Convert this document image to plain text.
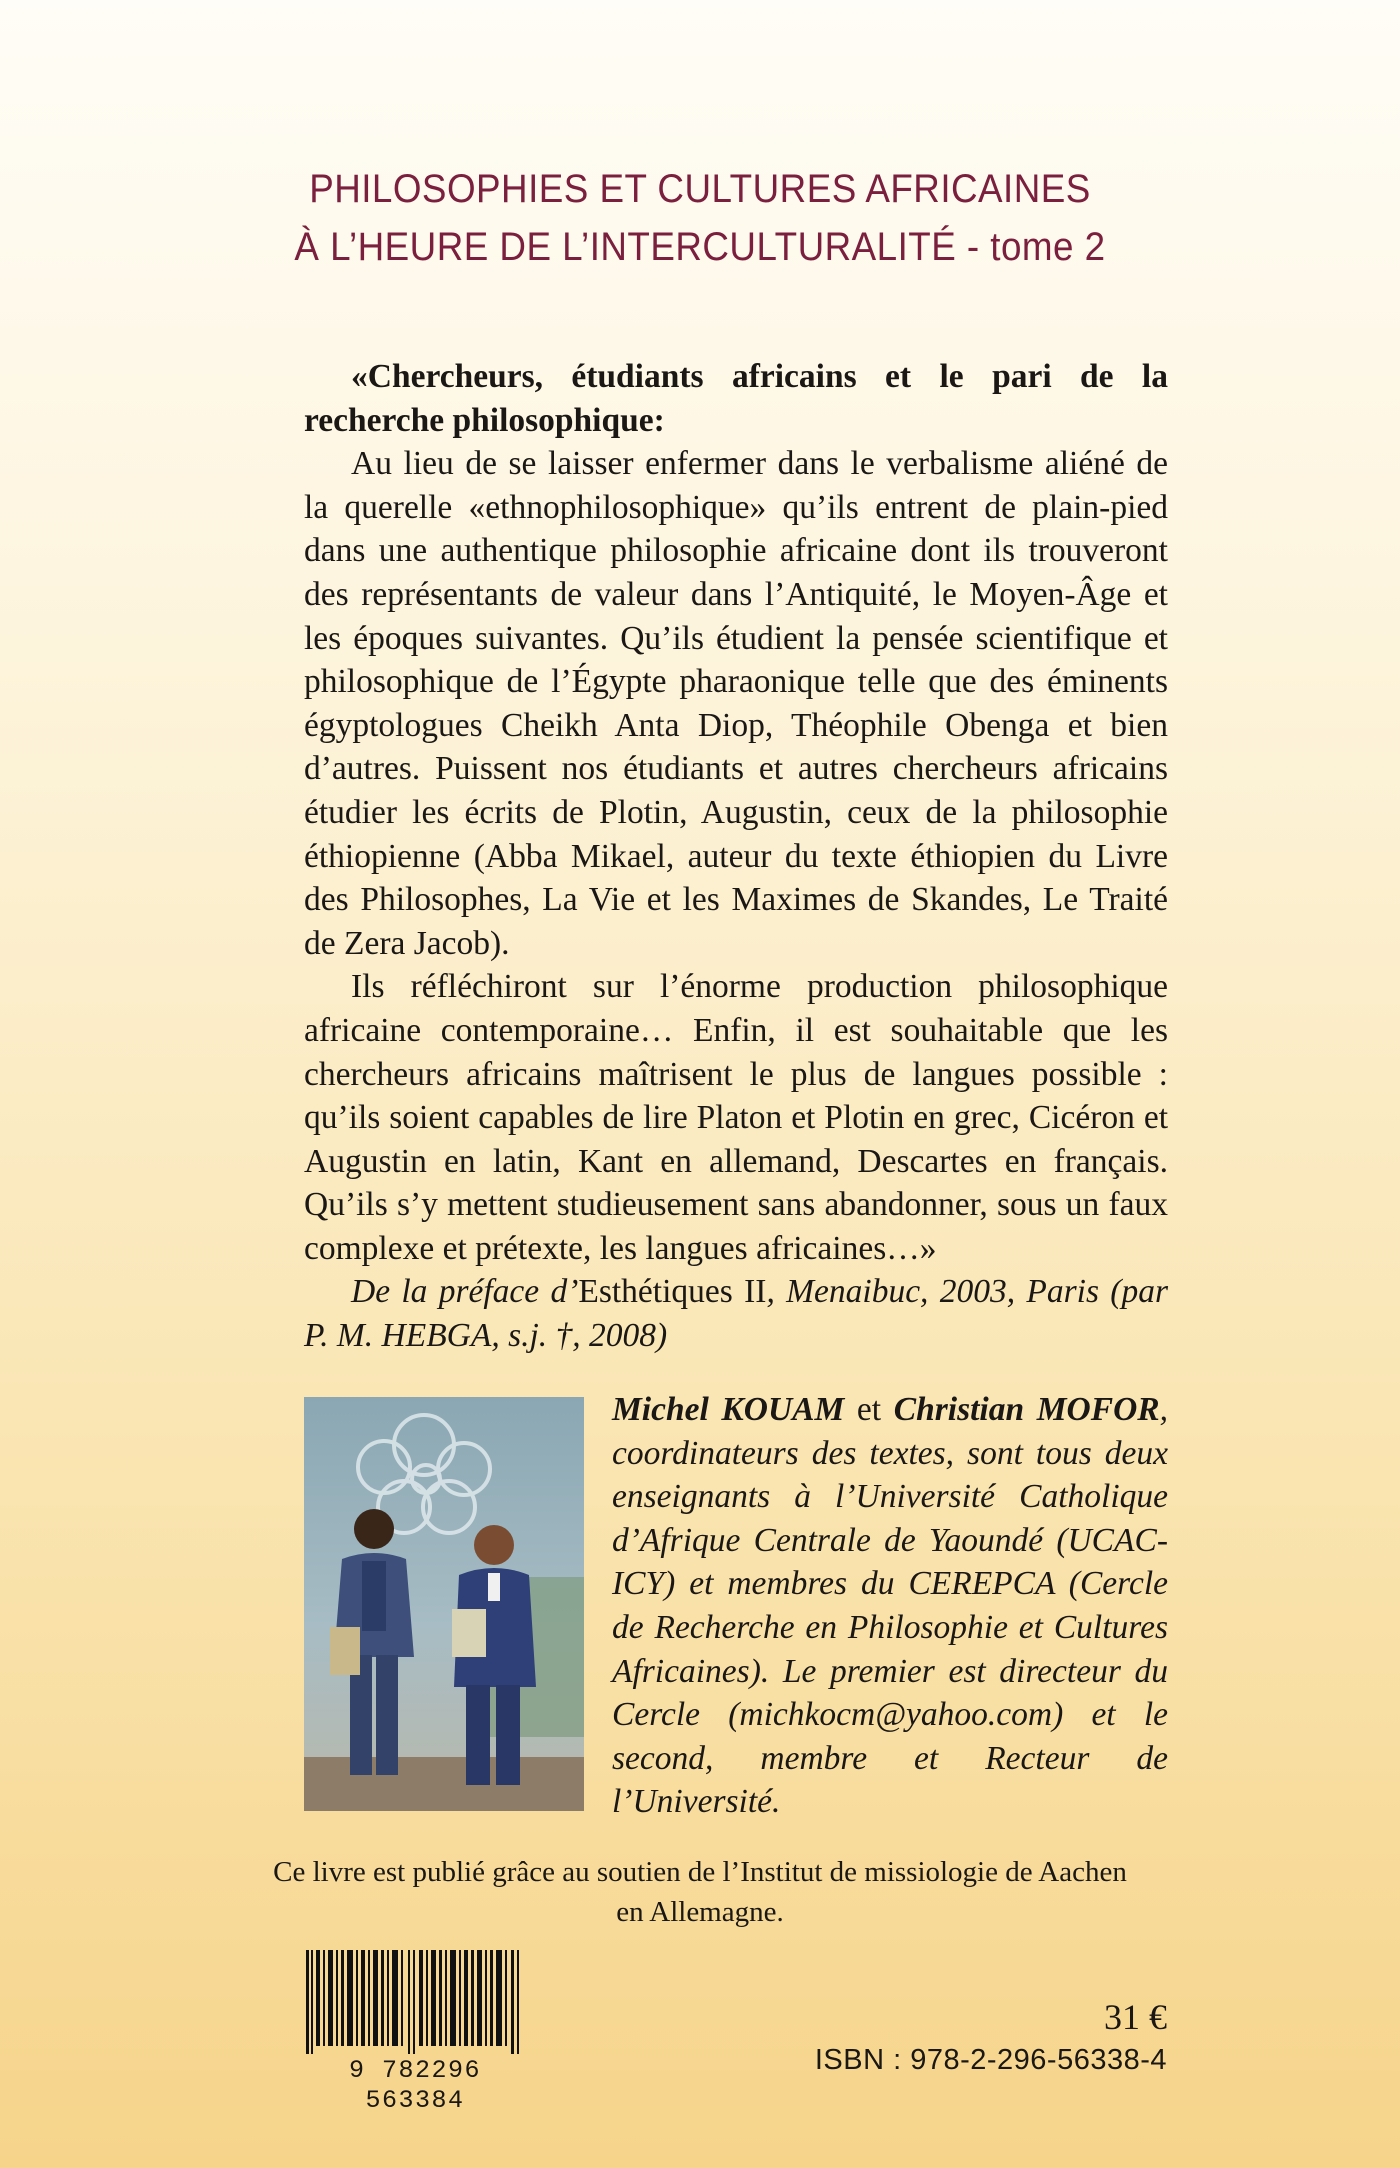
PHILOSOPHIES ET CULTURES AFRICAINES
À L’HEURE DE L’INTERCULTURALITÉ - tome 2

«Chercheurs, étudiants africains et le pari de la recherche philosophique:

Au lieu de se laisser enfermer dans le verbalisme aliéné de la querelle «ethnophilosophique» qu’ils entrent de plain-pied dans une authentique philosophie africaine dont ils trouveront des représentants de valeur dans l’Antiquité, le Moyen-Âge et les époques suivantes. Qu’ils étudient la pensée scientifique et philosophique de l’Égypte pharaonique telle que des éminents égyptologues Cheikh Anta Diop, Théophile Obenga et bien d’autres. Puissent nos étudiants et autres chercheurs africains étudier les écrits de Plotin, Augustin, ceux de la philosophie éthiopienne (Abba Mikael, auteur du texte éthiopien du Livre des Philosophes, La Vie et les Maximes de Skandes, Le Traité de Zera Jacob).

Ils réfléchiront sur l’énorme production philosophique africaine contemporaine… Enfin, il est souhaitable que les chercheurs africains maîtrisent le plus de langues possible : qu’ils soient capables de lire Platon et Plotin en grec, Cicéron et Augustin en latin, Kant en allemand, Descartes en français. Qu’ils s’y mettent studieusement sans abandonner, sous un faux complexe et prétexte, les langues africaines…»

De la préface d’Esthétiques II, Menaibuc, 2003, Paris (par P. M. HEBGA, s.j. †, 2008)

Michel KOUAM et Christian MOFOR, coordinateurs des textes, sont tous deux enseignants à l’Université Catholique d’Afrique Centrale de Yaoundé (UCAC-ICY) et membres du CEREPCA (Cercle de Recherche en Philosophie et Cultures Africaines). Le premier est directeur du Cercle (michkocm@yahoo.com) et le second, membre et Recteur de l’Université.
Ce livre est publié grâce au soutien de l’Institut de missiologie de Aachen
en Allemagne.
9 782296 563384
31 €
ISBN : 978-2-296-56338-4
